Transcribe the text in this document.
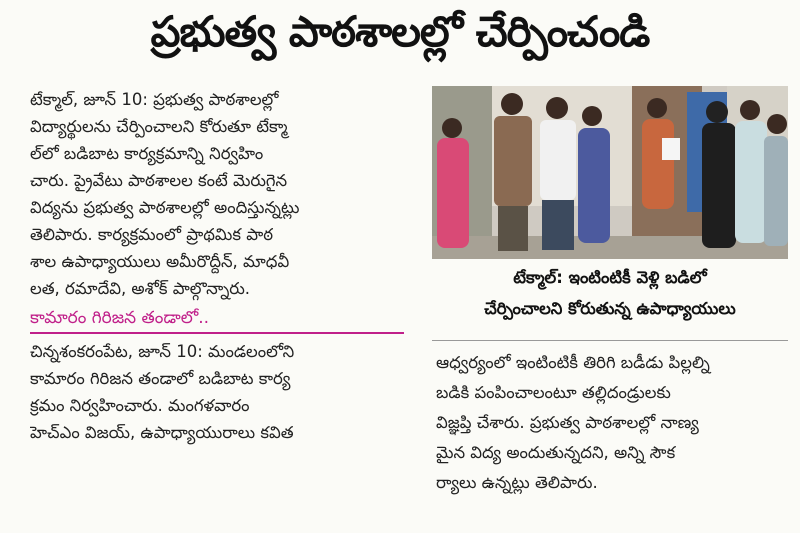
ప్రభుత్వ పాఠశాలల్లో చేర్పించండి

టేక్మాల్, జూన్ 10: ప్రభుత్వ పాఠశాలల్లో
విద్యార్థులను చేర్పించాలని కోరుతూ టేక్మా
ల్‌లో బడిబాట కార్యక్రమాన్ని నిర్వహిం
చారు. ప్రైవేటు పాఠశాలల కంటే మెరుగైన
విద్యను ప్రభుత్వ పాఠశాలల్లో అందిస్తున్నట్లు
తెలిపారు. కార్యక్రమంలో ప్రాథమిక పాఠ
శాల ఉపాధ్యాయులు అమీరొద్దీన్, మాధవీ
లత, రమాదేవి, అశోక్ పాల్గొన్నారు.

కామారం గిరిజన తండాలో..

చిన్నశంకరంపేట, జూన్ 10: మండలంలోని
కామారం గిరిజన తండాలో బడిబాట కార్య
క్రమం నిర్వహించారు. మంగళవారం
హెచ్ఎం విజయ్, ఉపాధ్యాయురాలు కవిత

టేక్మాల్: ఇంటింటికీ వెళ్లి బడిలో
చేర్పించాలని కోరుతున్న ఉపాధ్యాయులు

ఆధ్వర్యంలో ఇంటింటికీ తిరిగి బడీడు పిల్లల్ని
బడికి పంపించాలంటూ తల్లిదండ్రులకు
విజ్ఞప్తి చేశారు. ప్రభుత్వ పాఠశాలల్లో నాణ్య
మైన విద్య అందుతున్నదని, అన్ని సౌక
ర్యాలు ఉన్నట్లు తెలిపారు.
